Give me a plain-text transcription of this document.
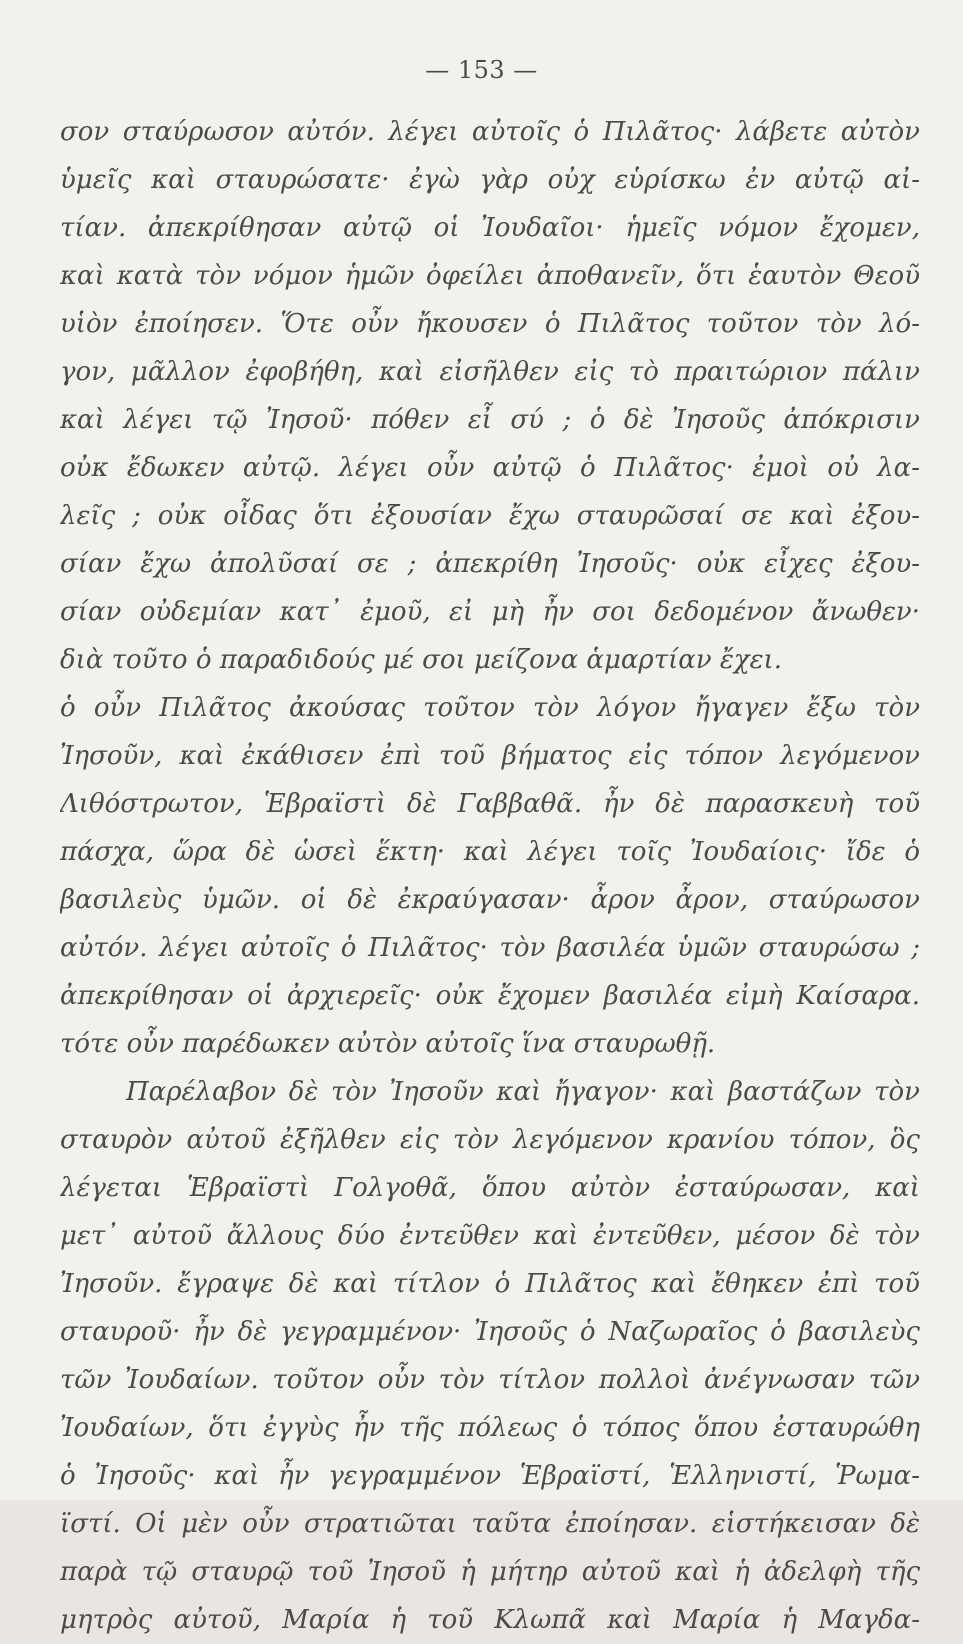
— 153 —
σον σταύρωσον αὐτόν. λέγει αὐτοῖς ὁ Πιλᾶτος· λάβετε αὐτὸν
ὑμεῖς καὶ σταυρώσατε· ἐγὼ γὰρ οὐχ εὑρίσκω ἐν αὐτῷ αἰ-
τίαν. ἀπεκρίθησαν αὐτῷ οἱ Ἰουδαῖοι· ἡμεῖς νόμον ἔχομεν,
καὶ κατὰ τὸν νόμον ἡμῶν ὀφείλει ἀποθανεῖν, ὅτι ἑαυτὸν Θεοῦ
υἱὸν ἐποίησεν. Ὅτε οὖν ἤκουσεν ὁ Πιλᾶτος τοῦτον τὸν λό-
γον, μᾶλλον ἐφοβήθη, καὶ εἰσῆλθεν εἰς τὸ πραιτώριον πάλιν
καὶ λέγει τῷ Ἰησοῦ· πόθεν εἶ σύ ; ὁ δὲ Ἰησοῦς ἀπόκρισιν
οὐκ ἔδωκεν αὐτῷ. λέγει οὖν αὐτῷ ὁ Πιλᾶτος· ἐμοὶ οὐ λα-
λεῖς ; οὐκ οἶδας ὅτι ἐξουσίαν ἔχω σταυρῶσαί σε καὶ ἐξου-
σίαν ἔχω ἀπολῦσαί σε ; ἀπεκρίθη Ἰησοῦς· οὐκ εἶχες ἐξου-
σίαν οὐδεμίαν κατ᾽ ἐμοῦ, εἰ μὴ ἦν σοι δεδομένον ἄνωθεν·
διὰ τοῦτο ὁ παραδιδούς μέ σοι μείζονα ἁμαρτίαν ἔχει.
ὁ οὖν Πιλᾶτος ἀκούσας τοῦτον τὸν λόγον ἤγαγεν ἔξω τὸν
Ἰησοῦν, καὶ ἐκάθισεν ἐπὶ τοῦ βήματος εἰς τόπον λεγόμενον
Λιθόστρωτον, Ἑβραϊστὶ δὲ Γαββαθᾶ. ἦν δὲ παρασκευὴ τοῦ
πάσχα, ὥρα δὲ ὡσεὶ ἕκτη· καὶ λέγει τοῖς Ἰουδαίοις· ἴδε ὁ
βασιλεὺς ὑμῶν. οἱ δὲ ἐκραύγασαν· ἆρον ἆρον, σταύρωσον
αὐτόν. λέγει αὐτοῖς ὁ Πιλᾶτος· τὸν βασιλέα ὑμῶν σταυρώσω ;
ἀπεκρίθησαν οἱ ἀρχιερεῖς· οὐκ ἔχομεν βασιλέα εἰμὴ Καίσαρα.
τότε οὖν παρέδωκεν αὐτὸν αὐτοῖς ἵνα σταυρωθῇ.
Παρέλαβον δὲ τὸν Ἰησοῦν καὶ ἤγαγον· καὶ βαστάζων τὸν
σταυρὸν αὐτοῦ ἐξῆλθεν εἰς τὸν λεγόμενον κρανίου τόπον, ὃς
λέγεται Ἑβραϊστὶ Γολγοθᾶ, ὅπου αὐτὸν ἐσταύρωσαν, καὶ
μετ᾽ αὐτοῦ ἄλλους δύο ἐντεῦθεν καὶ ἐντεῦθεν, μέσον δὲ τὸν
Ἰησοῦν. ἔγραψε δὲ καὶ τίτλον ὁ Πιλᾶτος καὶ ἔθηκεν ἐπὶ τοῦ
σταυροῦ· ἦν δὲ γεγραμμένον· Ἰησοῦς ὁ Ναζωραῖος ὁ βασιλεὺς
τῶν Ἰουδαίων. τοῦτον οὖν τὸν τίτλον πολλοὶ ἀνέγνωσαν τῶν
Ἰουδαίων, ὅτι ἐγγὺς ἦν τῆς πόλεως ὁ τόπος ὅπου ἐσταυρώθη
ὁ Ἰησοῦς· καὶ ἦν γεγραμμένον Ἑβραϊστί, Ἑλληνιστί, Ῥωμα-
ϊστί. Οἱ μὲν οὖν στρατιῶται ταῦτα ἐποίησαν. εἱστήκεισαν δὲ
παρὰ τῷ σταυρῷ τοῦ Ἰησοῦ ἡ μήτηρ αὐτοῦ καὶ ἡ ἀδελφὴ τῆς
μητρὸς αὐτοῦ, Μαρία ἡ τοῦ Κλωπᾶ καὶ Μαρία ἡ Μαγδα-
